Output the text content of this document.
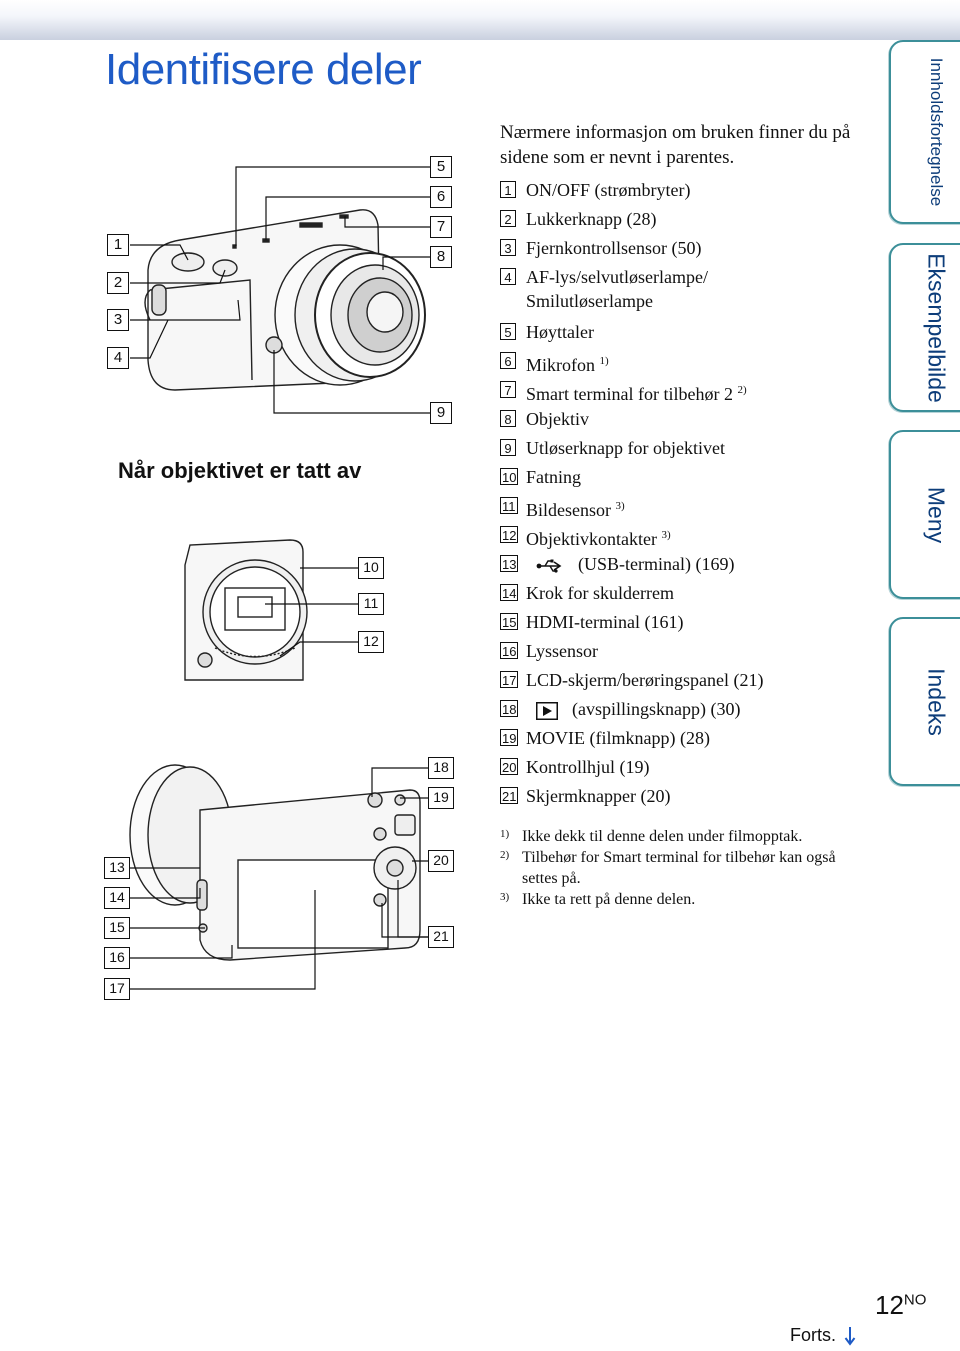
Identifisere deler
1
2
3
4
5
6
7
8
9
10
11
12
13
14
15
16
17
18
19
20
21
Når objektivet er tatt av
Nærmere informasjon om bruken finner du på sidene som er nevnt i parentes.
1 ON/OFF (strømbryter)
2 Lukkerknapp (28)
3 Fjernkontrollsensor (50)
4 AF-lys/selvutløserlampe/
Smilutløserlampe
5 Høyttaler
6 Mikrofon $^{1)}$
7 Smart terminal for tilbehør 2 $^{2)}$
8 Objektiv
9 Utløserknapp for objektivet
10 Fatning
11 Bildesensor $^{3)}$
12 Objektivkontakter $^{3)}$
13	(USB-terminal) (169)
14 Krok for skulderrem
15 HDMI-terminal (161)
16 Lyssensor
17 LCD-skjerm/berøringspanel (21)
18	(avspillingsknapp) (30)
19 MOVIE (filmknapp) (28)
20 Kontrollhjul (19)
21 Skjermknapper (20)
1) Ikke dekk til denne delen under filmopptak.
2) Tilbehør for Smart terminal for tilbehør kan også settes på.
3) Ikke ta rett på denne delen.
Innholdsfortegnelse
Eksempelbilde
Meny
Indeks
$12^{NO}$
Forts.
